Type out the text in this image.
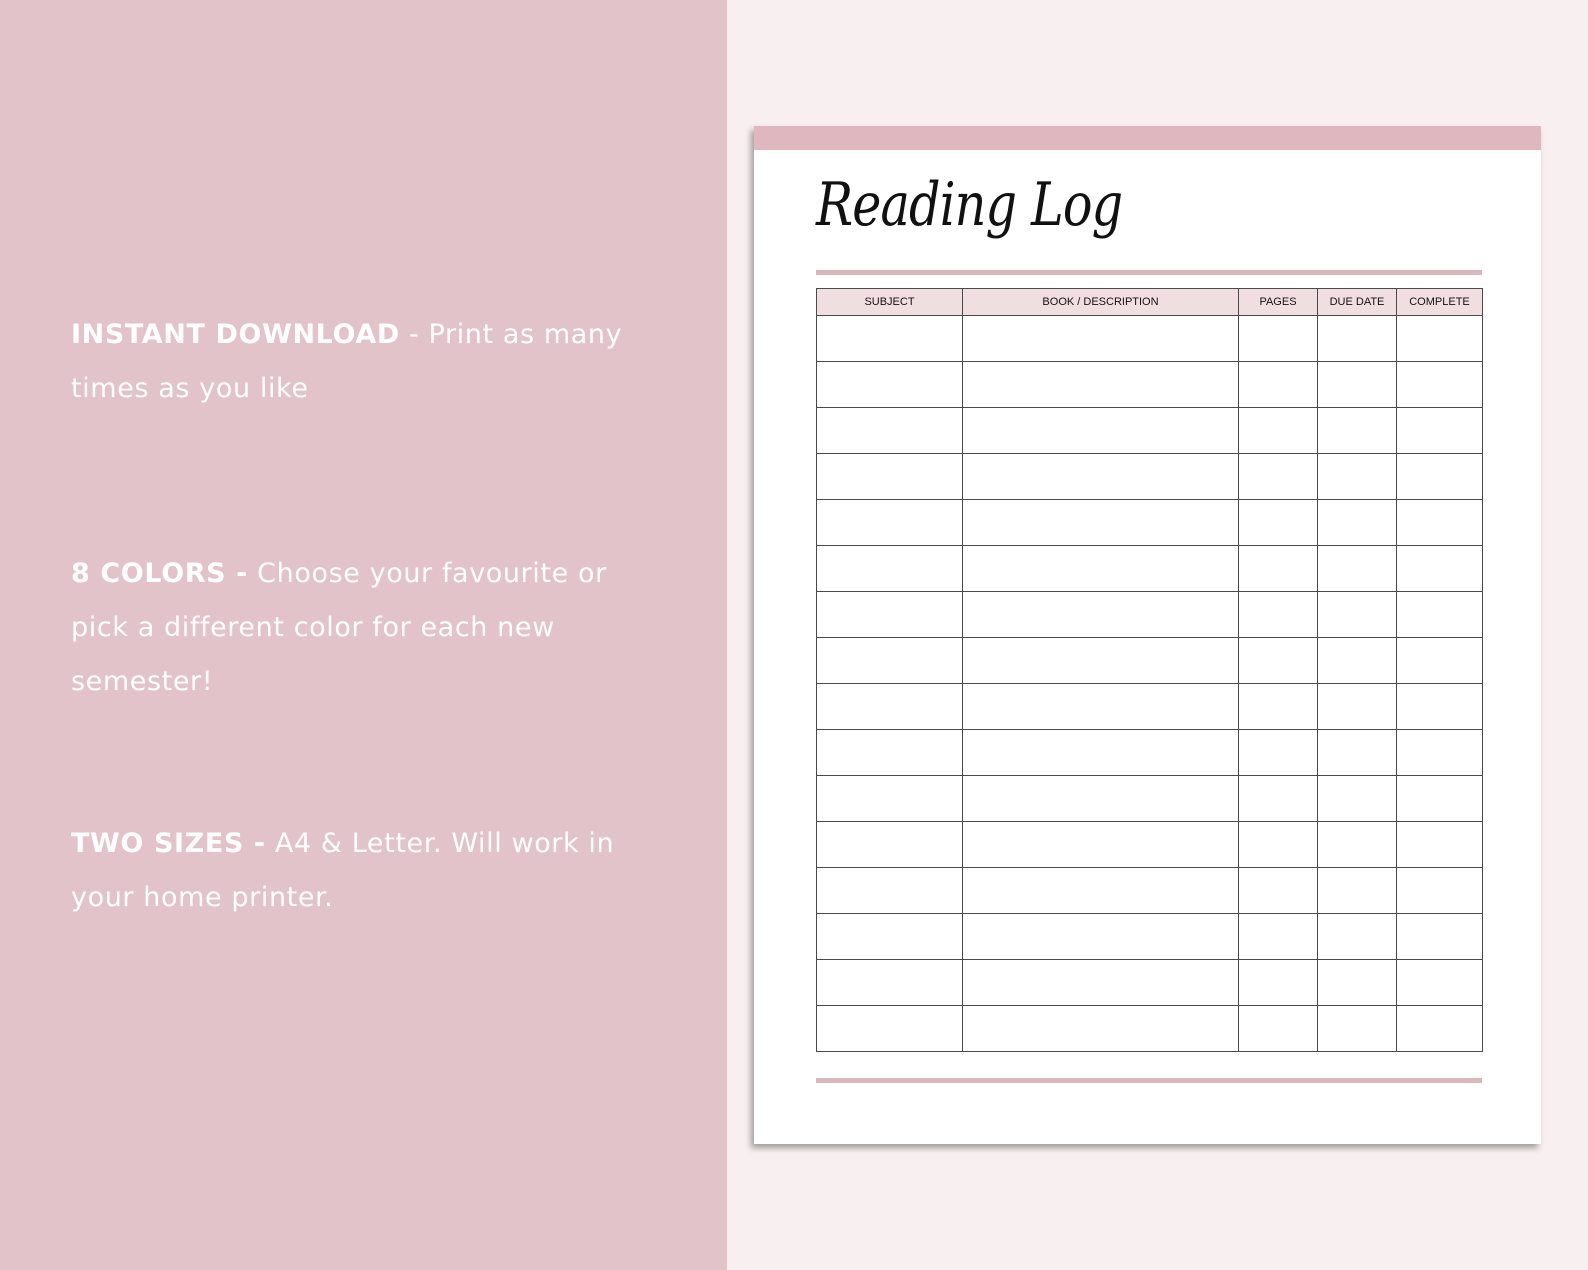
INSTANT DOWNLOAD - Print as many times as you like
8 COLORS - Choose your favourite or pick a different color for each new semester!
TWO SIZES - A4 & Letter. Will work in your home printer.
Reading Log
SUBJECT	BOOK / DESCRIPTION	PAGES	DUE DATE	COMPLETE
